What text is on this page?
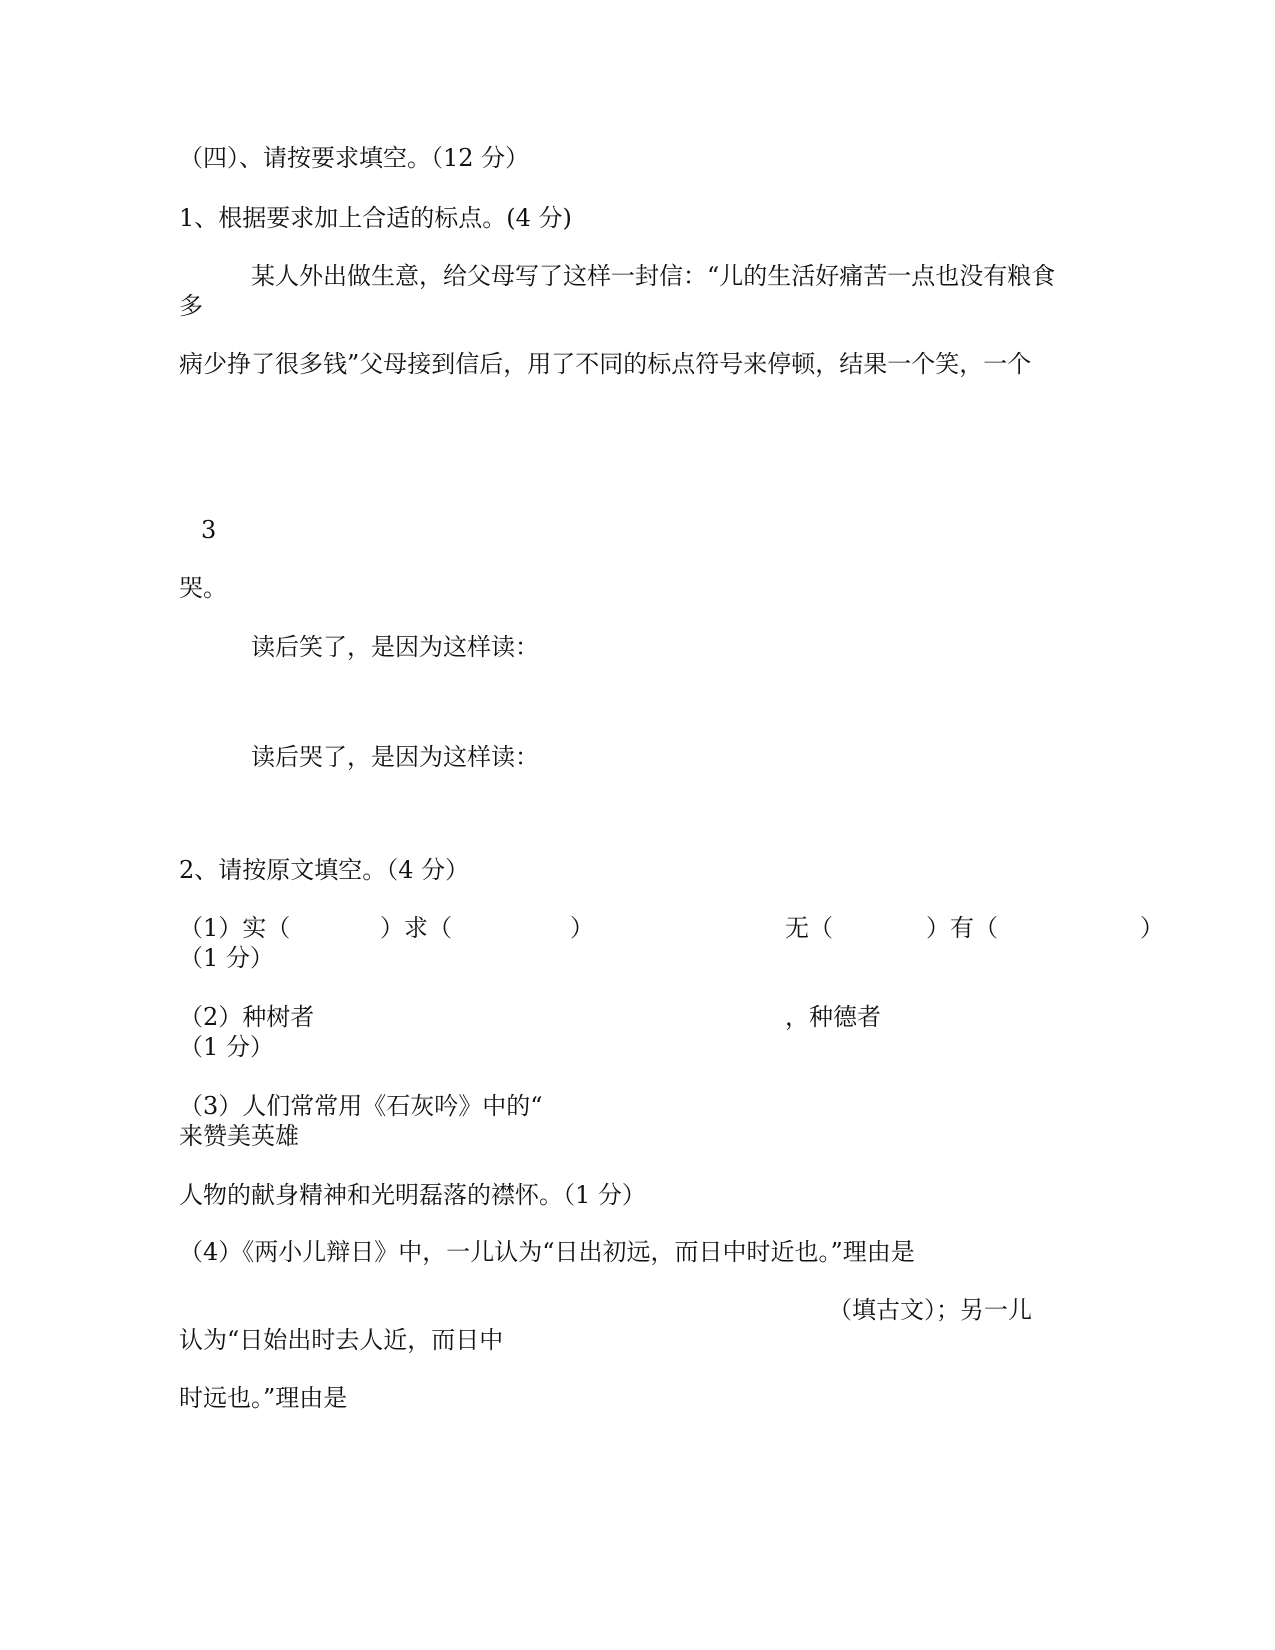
（四）、请按要求填空。（12 分）

1、根据要求加上合适的标点。(4 分)

某人外出做生意，给父母写了这样一封信：“儿的生活好痛苦一点也没有粮食

多

病少挣了很多钱”父母接到信后，用了不同的标点符号来停顿，结果一个笑，一个

3

哭。

读后笑了，是因为这样读：

读后哭了，是因为这样读：

2、请按原文填空。（4 分）

（1）实（	）求（	）	无（	）有（	）

（1 分）

（2）种树者	，种德者

（1 分）

（3）人们常常用《石灰吟》中的“

来赞美英雄

人物的献身精神和光明磊落的襟怀。（1 分）

（4）《两小儿辩日》中，一儿认为“日出初远，而日中时近也。”理由是

（填古文）；另一儿

认为“日始出时去人近，而日中

时远也。”理由是
